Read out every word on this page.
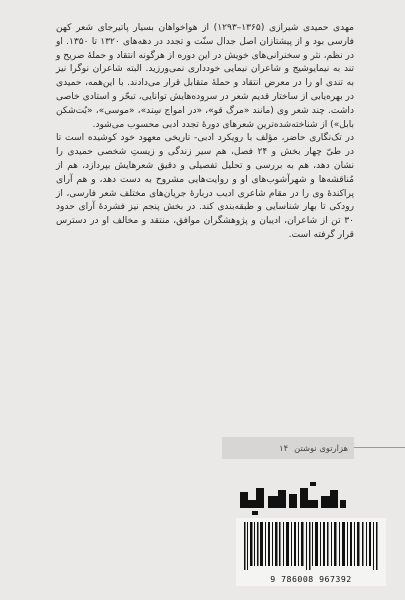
مهدی حمیدی شیرازی (۱۳۶۵–۱۲۹۳) از هواخواهان بسیار پاتیرجای شعر کهن فارسی بود و از پیشتازان اصل جدال سنّت و تجدد در دهه‌های ۱۳۲۰ تا ۱۳۵۰. او در نظم، نثر و سخنرانی‌های خویش در این دوره از هرگونه انتقاد و حملهٔ صریح و تند به نیمایوشیج و شاعران نیمایی خودداری نمی‌ورزید. البته شاعران نوگرا نیز به تندی او را در معرض انتقاد و حملهٔ متقابل قرار می‌دادند. با این‌همه، حمیدی در بهره‌یابی از ساختار قدیم شعر در سروده‌هایش توانایی، تبحّر و استادی خاصی داشت. چند شعر وی (مانند «مرگ قو»، «در امواج سِند»، «موسی»، «بُت‌شکن بابل») از شناخته‌شده‌ترین شعرهای دورهٔ تجدد ادبی محسوب می‌شود.

در تک‌نگاری حاضر، مؤلف با رویکرد ادبی- تاریخی معهود خود کوشیده است تا در طیّ چهار بخش و ۲۴ فصل، هم سیر زندگی و زیستِ شخصی حمیدی را نشان دهد، هم به بررسی و تحلیل تفصیلی و دقیق شعرهایش بپردازد، هم از مُناقشه‌ها و شهرآشوب‌های او و روایت‌هایی مشروح به دست دهد، و هم آرای پراکندهٔ وی را در مقام شاعری ادیب دربارهٔ جریان‌های مختلف شعر فارسی، از رودکی تا بهار شناسایی و طبقه‌بندی کند. در بخش پنجم نیز فشردهٔ آرای حدود ۳۰ تن از شاعران، ادیبان و پژوهشگران موافق، منتقد و مخالف او در دسترس قرار گرفته است.

هزارتوی نوشتن
۱۴
9 786008 967392
